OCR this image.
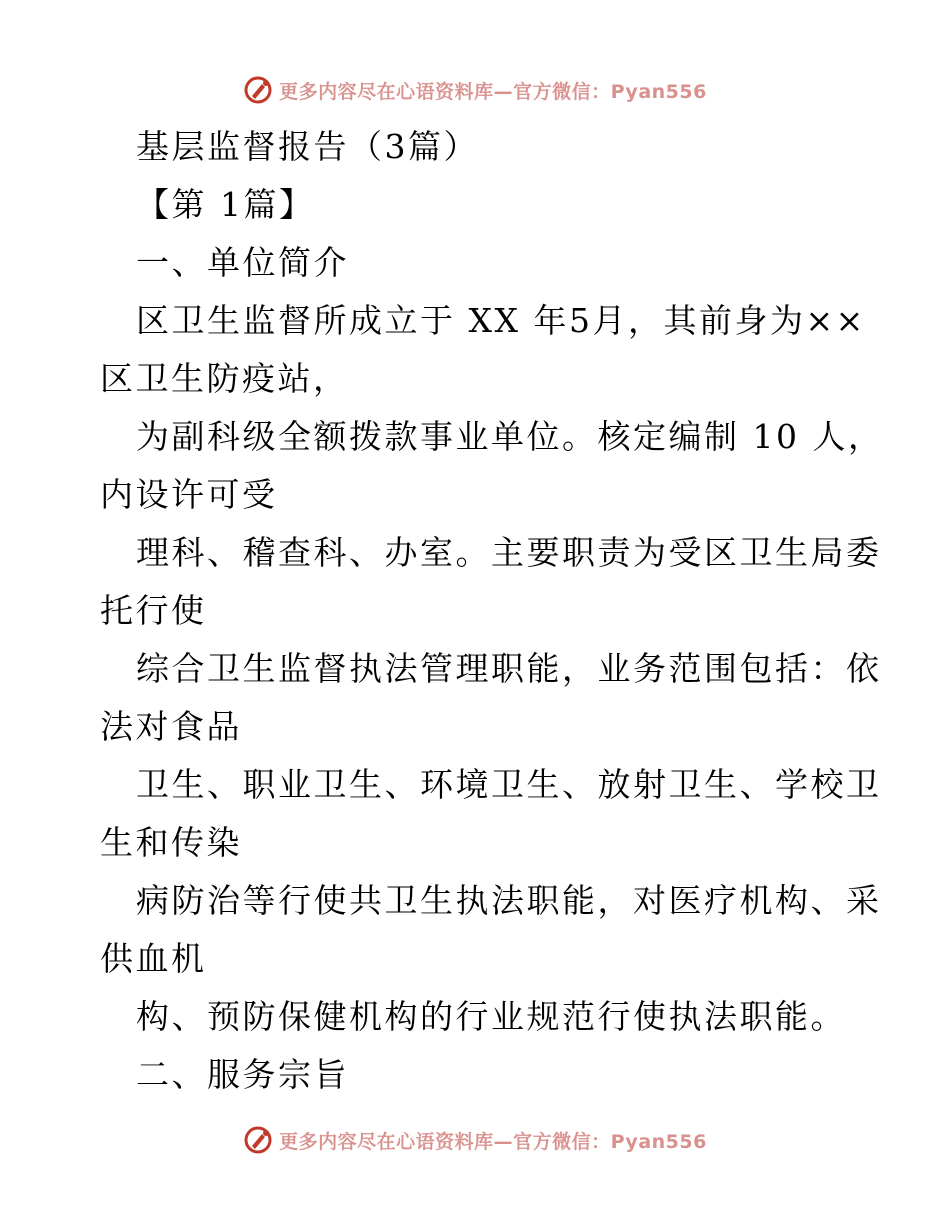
更多内容尽在心语资料库—官方微信：Pyan556
基层监督报告（3篇）
【第 1篇】
一、单位简介
区卫生监督所成立于 XX 年5月，其前身为××
区卫生防疫站，
为副科级全额拨款事业单位。核定编制 10 人，
内设许可受
理科、稽查科、办室。主要职责为受区卫生局委
托行使
综合卫生监督执法管理职能，业务范围包括：依
法对食品
卫生、职业卫生、环境卫生、放射卫生、学校卫
生和传染
病防治等行使共卫生执法职能，对医疗机构、采
供血机
构、预防保健机构的行业规范行使执法职能。
二、服务宗旨
更多内容尽在心语资料库—官方微信：Pyan556
